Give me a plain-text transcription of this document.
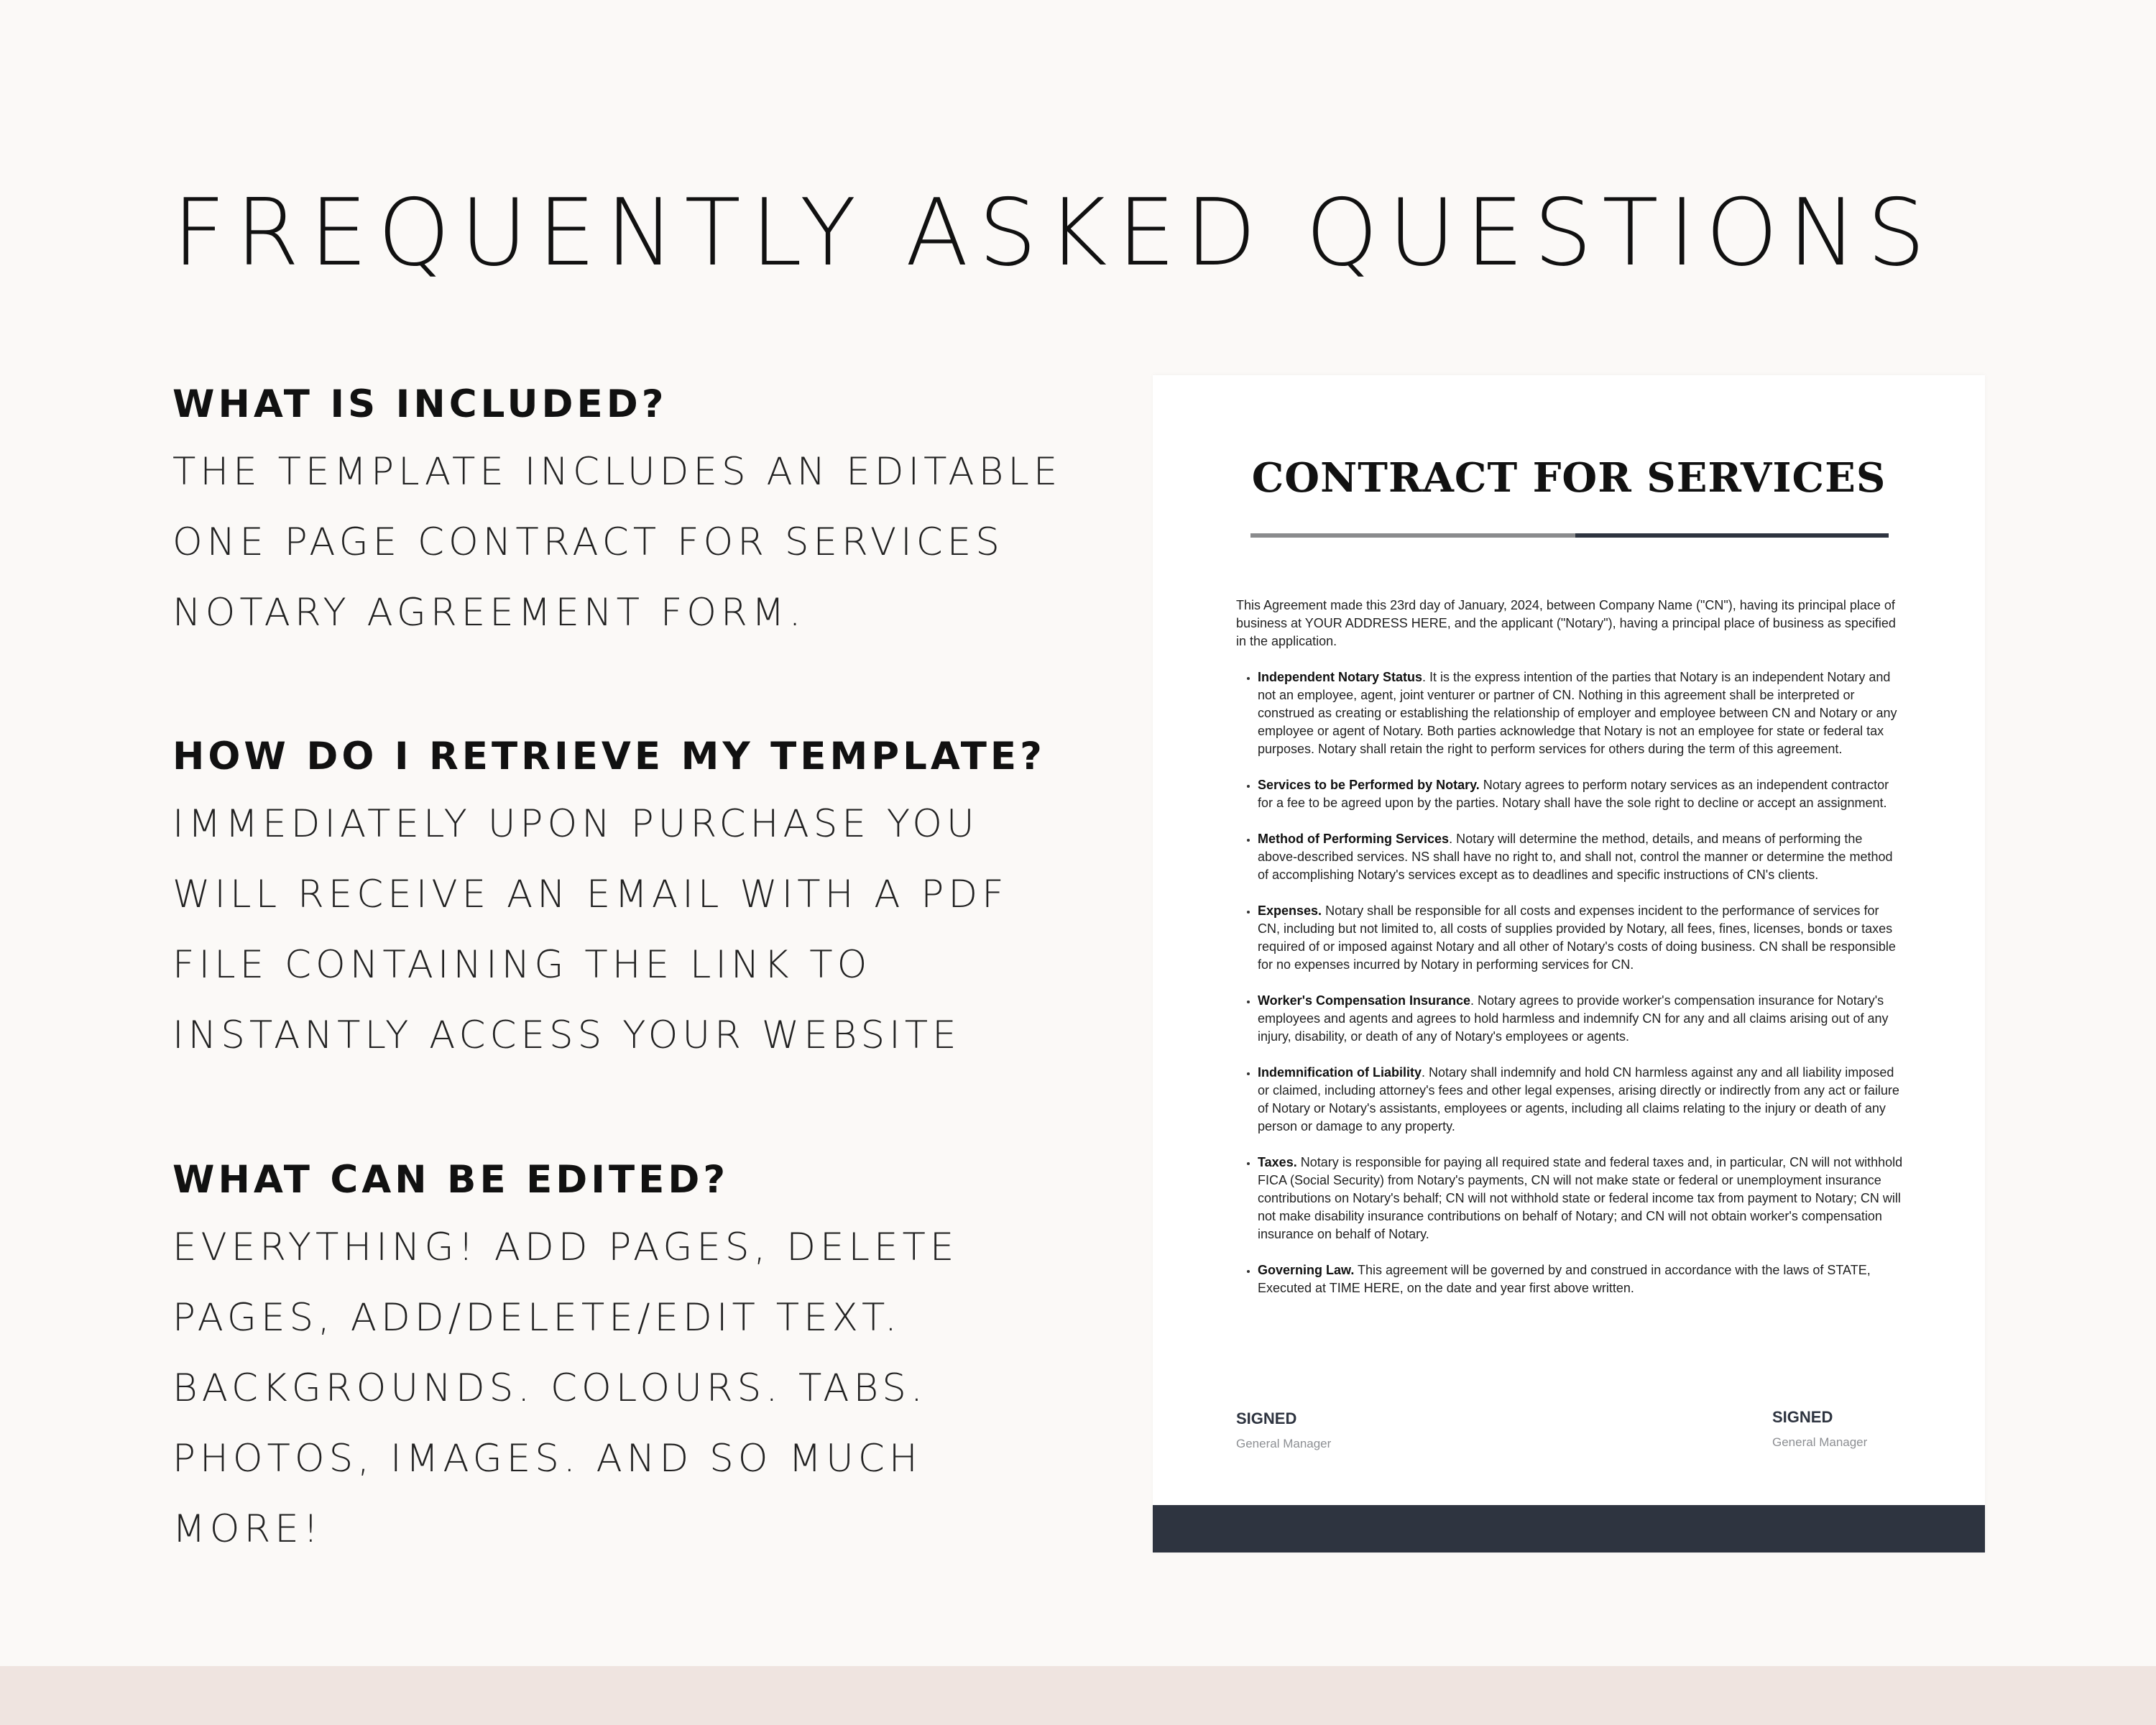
FREQUENTLY ASKED QUESTIONS
WHAT IS INCLUDED?
THE TEMPLATE INCLUDES AN EDITABLE
ONE PAGE CONTRACT FOR SERVICES
NOTARY AGREEMENT FORM.
HOW DO I RETRIEVE MY TEMPLATE?
IMMEDIATELY UPON PURCHASE YOU
WILL RECEIVE AN EMAIL WITH A PDF
FILE CONTAINING THE LINK TO
INSTANTLY ACCESS YOUR WEBSITE
WHAT CAN BE EDITED?
EVERYTHING! ADD PAGES, DELETE
PAGES, ADD/DELETE/EDIT TEXT.
BACKGROUNDS. COLOURS. TABS.
PHOTOS, IMAGES. AND SO MUCH
MORE!
CONTRACT FOR SERVICES

This Agreement made this 23rd day of January, 2024, between Company Name ("CN"), having its principal place of business at YOUR ADDRESS HERE, and the applicant ("Notary"), having a principal place of business as specified in the application.

• Independent Notary Status. It is the express intention of the parties that Notary is an independent Notary and not an employee, agent, joint venturer or partner of CN. Nothing in this agreement shall be interpreted or construed as creating or establishing the relationship of employer and employee between CN and Notary or any employee or agent of Notary. Both parties acknowledge that Notary is not an employee for state or federal tax purposes. Notary shall retain the right to perform services for others during the term of this agreement.
• Services to be Performed by Notary. Notary agrees to perform notary services as an independent contractor for a fee to be agreed upon by the parties. Notary shall have the sole right to decline or accept an assignment.
• Method of Performing Services. Notary will determine the method, details, and means of performing the above-described services. NS shall have no right to, and shall not, control the manner or determine the method of accomplishing Notary's services except as to deadlines and specific instructions of CN's clients.
• Expenses. Notary shall be responsible for all costs and expenses incident to the performance of services for CN, including but not limited to, all costs of supplies provided by Notary, all fees, fines, licenses, bonds or taxes required of or imposed against Notary and all other of Notary's costs of doing business. CN shall be responsible for no expenses incurred by Notary in performing services for CN.
• Worker's Compensation Insurance. Notary agrees to provide worker's compensation insurance for Notary's employees and agents and agrees to hold harmless and indemnify CN for any and all claims arising out of any injury, disability, or death of any of Notary's employees or agents.
• Indemnification of Liability. Notary shall indemnify and hold CN harmless against any and all liability imposed or claimed, including attorney's fees and other legal expenses, arising directly or indirectly from any act or failure of Notary or Notary's assistants, employees or agents, including all claims relating to the injury or death of any person or damage to any property.
• Taxes. Notary is responsible for paying all required state and federal taxes and, in particular, CN will not withhold FICA (Social Security) from Notary's payments, CN will not make state or federal or unemployment insurance contributions on Notary's behalf; CN will not withhold state or federal income tax from payment to Notary; CN will not make disability insurance contributions on behalf of Notary; and CN will not obtain worker's compensation insurance on behalf of Notary.
• Governing Law. This agreement will be governed by and construed in accordance with the laws of STATE, Executed at TIME HERE, on the date and year first above written.
SIGNED
General Manager
SIGNED
General Manager
